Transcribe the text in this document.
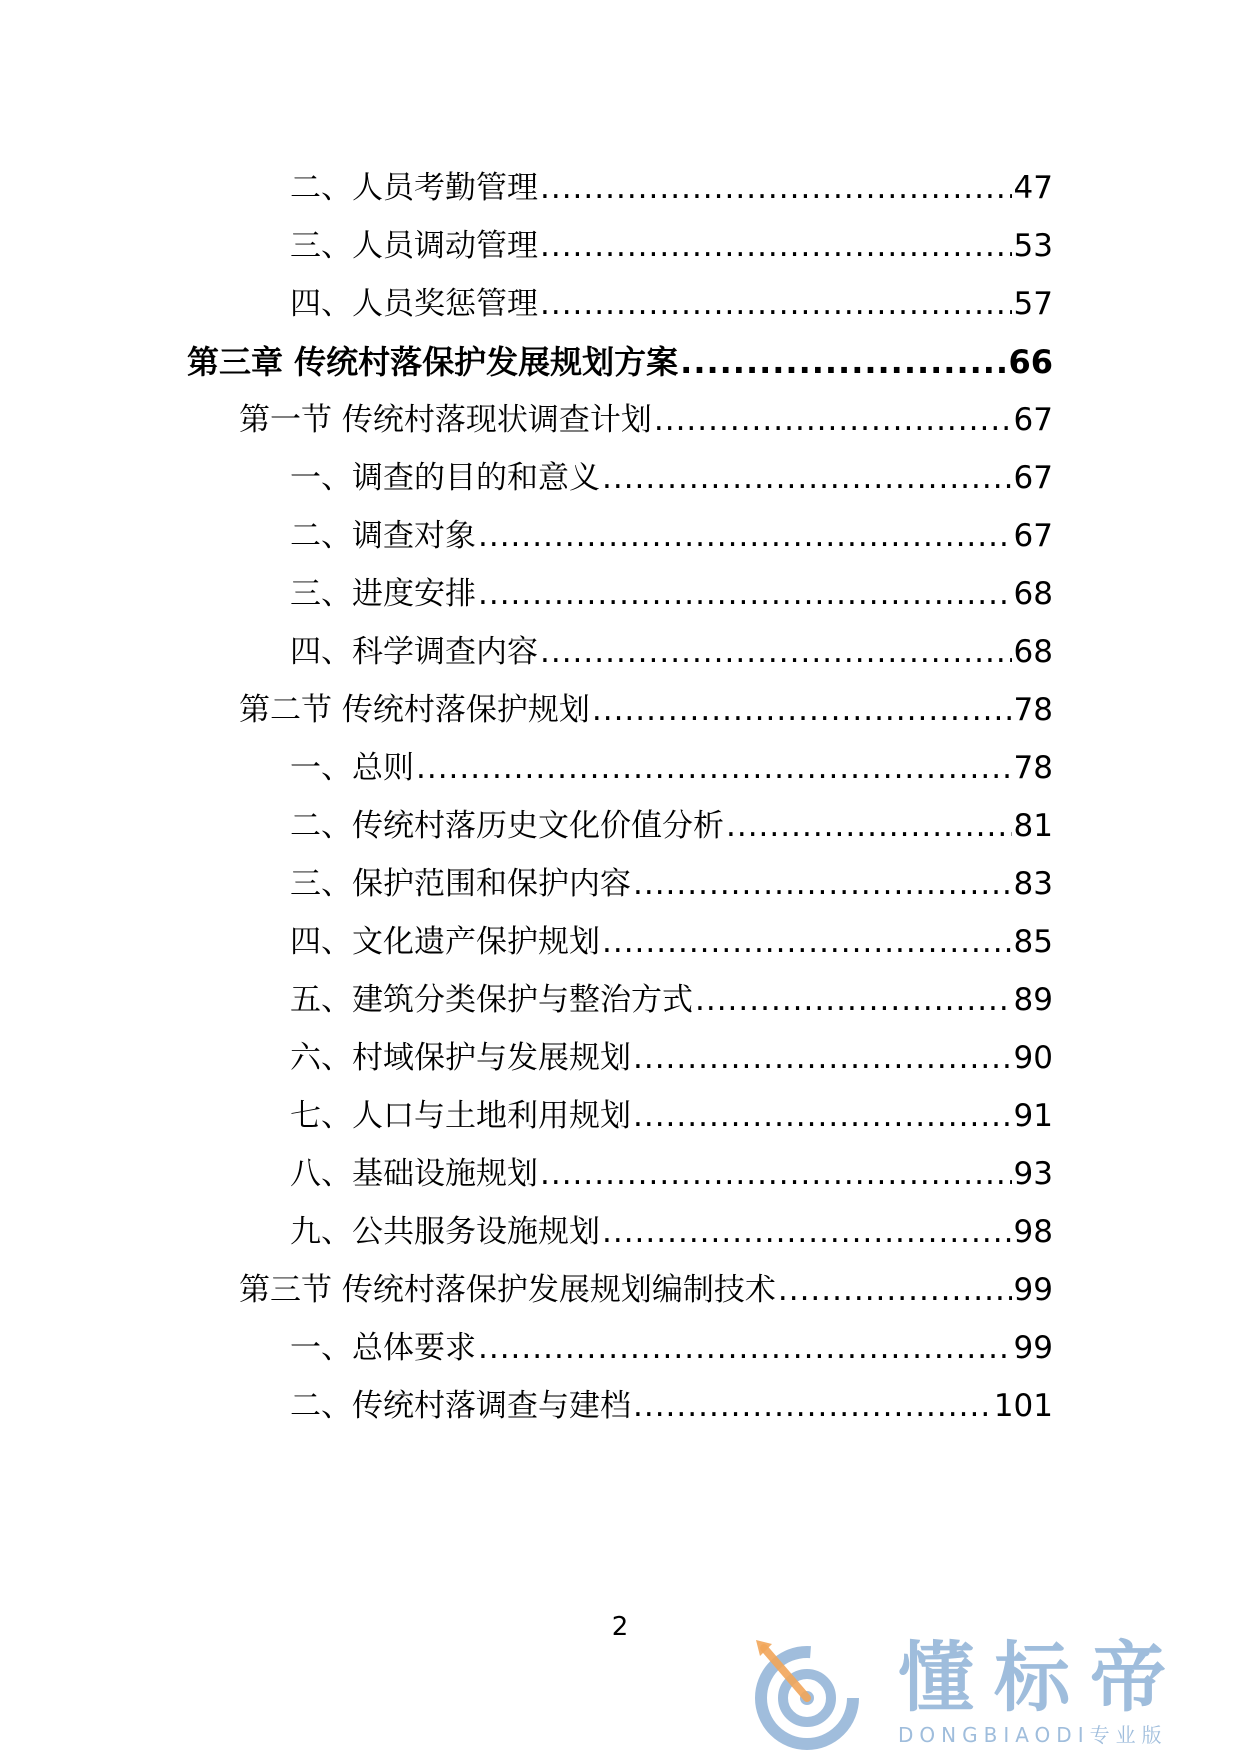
二、人员考勤管理 .....	47
三、人员调动管理 .....	53
四、人员奖惩管理 .....	57
第三章 传统村落保护发展规划方案 .....	66
第一节 传统村落现状调查计划 .....	67
一、调查的目的和意义 .....	67
二、调查对象 .....	67
三、进度安排 .....	68
四、科学调查内容 .....	68
第二节 传统村落保护规划 .....	78
一、总则 .....	78
二、传统村落历史文化价值分析 .....	81
三、保护范围和保护内容 .....	83
四、文化遗产保护规划 .....	85
五、建筑分类保护与整治方式 .....	89
六、村域保护与发展规划 .....	90
七、人口与土地利用规划 .....	91
八、基础设施规划 .....	93
九、公共服务设施规划 .....	98
第三节 传统村落保护发展规划编制技术 .....	99
一、总体要求 .....	99
二、传统村落调查与建档 .....	101
2
懂标帝
DONGBIAODI专业版
